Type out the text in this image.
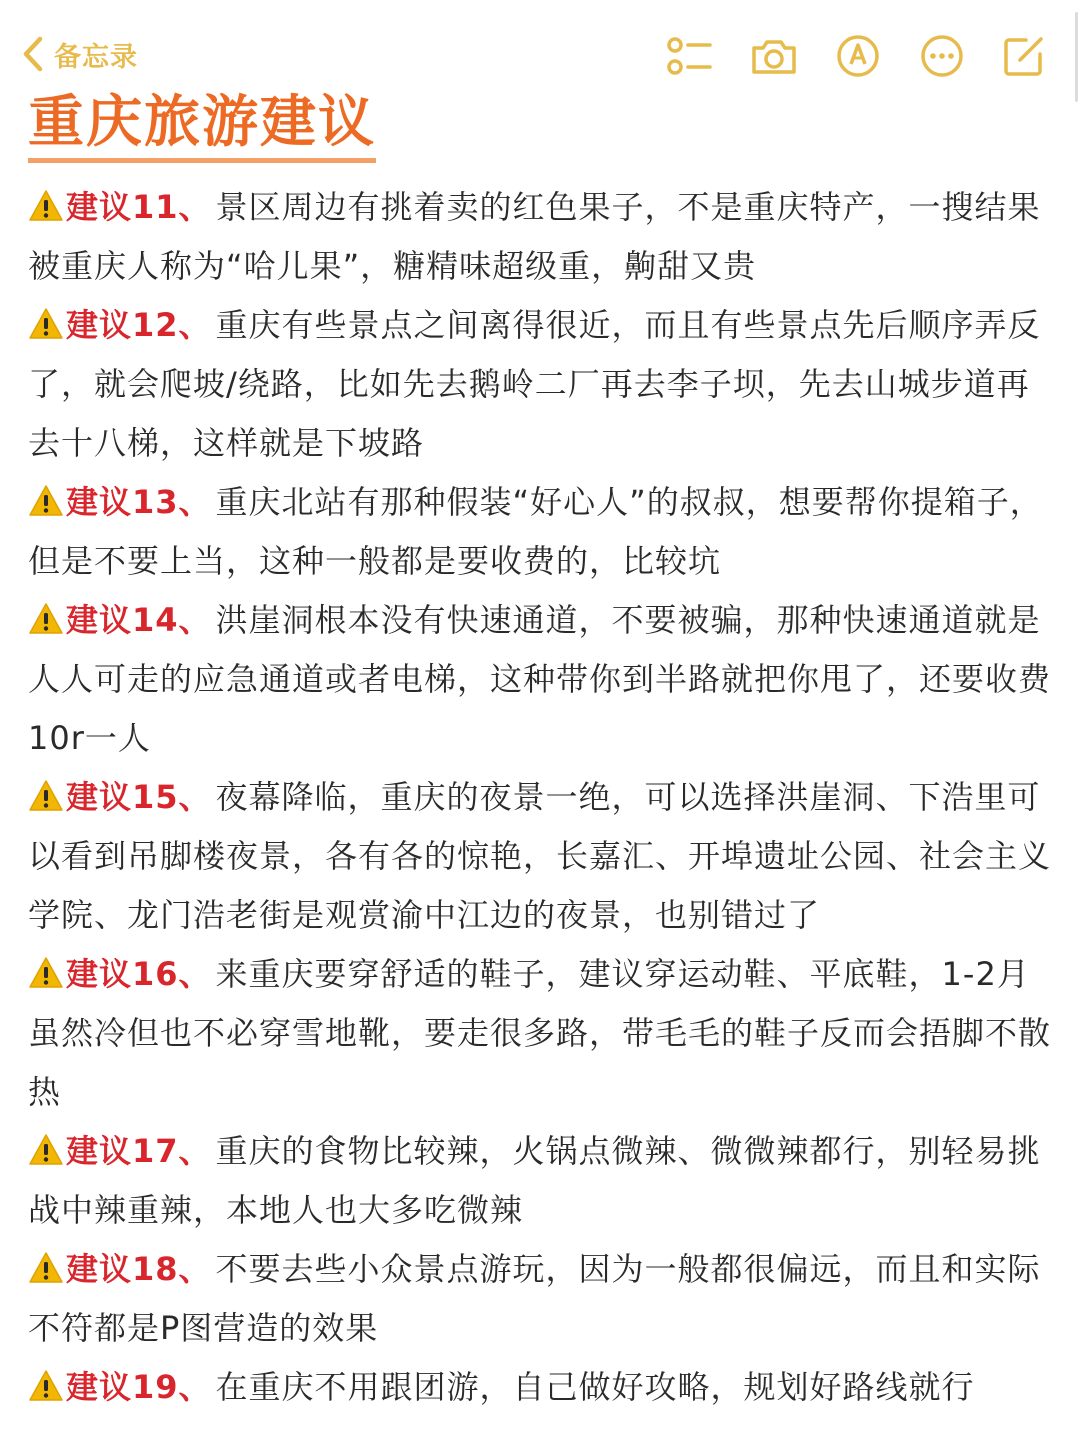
备忘录
重庆旅游建议

建议11、 景区周边有挑着卖的红色果子，不是重庆特产，一搜结果被重庆人称为“哈儿果”，糖精味超级重，齁甜又贵

建议12、 重庆有些景点之间离得很近，而且有些景点先后顺序弄反了，就会爬坡/绕路，比如先去鹅岭二厂再去李子坝，先去山城步道再去十八梯，这样就是下坡路

建议13、 重庆北站有那种假装“好心人”的叔叔，想要帮你提箱子，但是不要上当，这种一般都是要收费的，比较坑

建议14、 洪崖洞根本没有快速通道，不要被骗，那种快速通道就是人人可走的应急通道或者电梯，这种带你到半路就把你甩了，还要收费10r一人

建议15、 夜幕降临，重庆的夜景一绝，可以选择洪崖洞、下浩里可以看到吊脚楼夜景，各有各的惊艳，长嘉汇、开埠遗址公园、社会主义学院、龙门浩老街是观赏渝中江边的夜景，也别错过了

建议16、 来重庆要穿舒适的鞋子，建议穿运动鞋、平底鞋，1-2月虽然冷但也不必穿雪地靴，要走很多路，带毛毛的鞋子反而会捂脚不散热

建议17、 重庆的食物比较辣，火锅点微辣、微微辣都行，别轻易挑战中辣重辣，本地人也大多吃微辣

建议18、 不要去些小众景点游玩，因为一般都很偏远，而且和实际不符都是P图营造的效果

建议19、 在重庆不用跟团游，自己做好攻略，规划好路线就行
